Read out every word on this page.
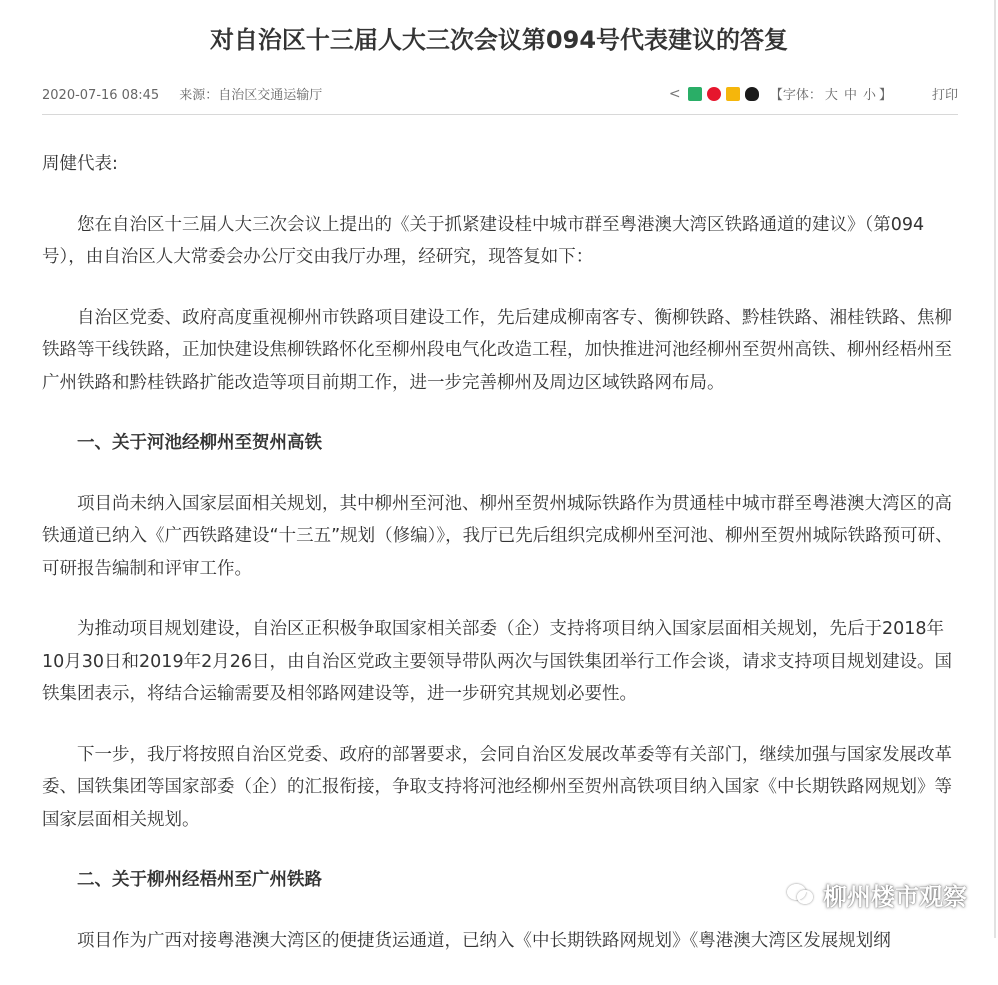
对自治区十三届人大三次会议第094号代表建议的答复
2020-07-16 08:45 来源：自治区交通运输厅	<	【字体： 大 中 小 】	打印

周健代表:

您在自治区十三届人大三次会议上提出的《关于抓紧建设桂中城市群至粤港澳大湾区铁路通道的建议》（第094号），由自治区人大常委会办公厅交由我厅办理，经研究，现答复如下：

自治区党委、政府高度重视柳州市铁路项目建设工作，先后建成柳南客专、衡柳铁路、黔桂铁路、湘桂铁路、焦柳铁路等干线铁路，正加快建设焦柳铁路怀化至柳州段电气化改造工程，加快推进河池经柳州至贺州高铁、柳州经梧州至广州铁路和黔桂铁路扩能改造等项目前期工作，进一步完善柳州及周边区域铁路网布局。

一、关于河池经柳州至贺州高铁

项目尚未纳入国家层面相关规划，其中柳州至河池、柳州至贺州城际铁路作为贯通桂中城市群至粤港澳大湾区的高铁通道已纳入《广西铁路建设“十三五”规划（修编）》，我厅已先后组织完成柳州至河池、柳州至贺州城际铁路预可研、可研报告编制和评审工作。

为推动项目规划建设，自治区正积极争取国家相关部委（企）支持将项目纳入国家层面相关规划，先后于2018年10月30日和2019年2月26日，由自治区党政主要领导带队两次与国铁集团举行工作会谈，请求支持项目规划建设。国铁集团表示，将结合运输需要及相邻路网建设等，进一步研究其规划必要性。

下一步，我厅将按照自治区党委、政府的部署要求，会同自治区发展改革委等有关部门，继续加强与国家发展改革委、国铁集团等国家部委（企）的汇报衔接，争取支持将河池经柳州至贺州高铁项目纳入国家《中长期铁路网规划》等国家层面相关规划。

二、关于柳州经梧州至广州铁路

项目作为广西对接粤港澳大湾区的便捷货运通道，已纳入《中长期铁路网规划》《粤港澳大湾区发展规划纲

柳州楼市观察
